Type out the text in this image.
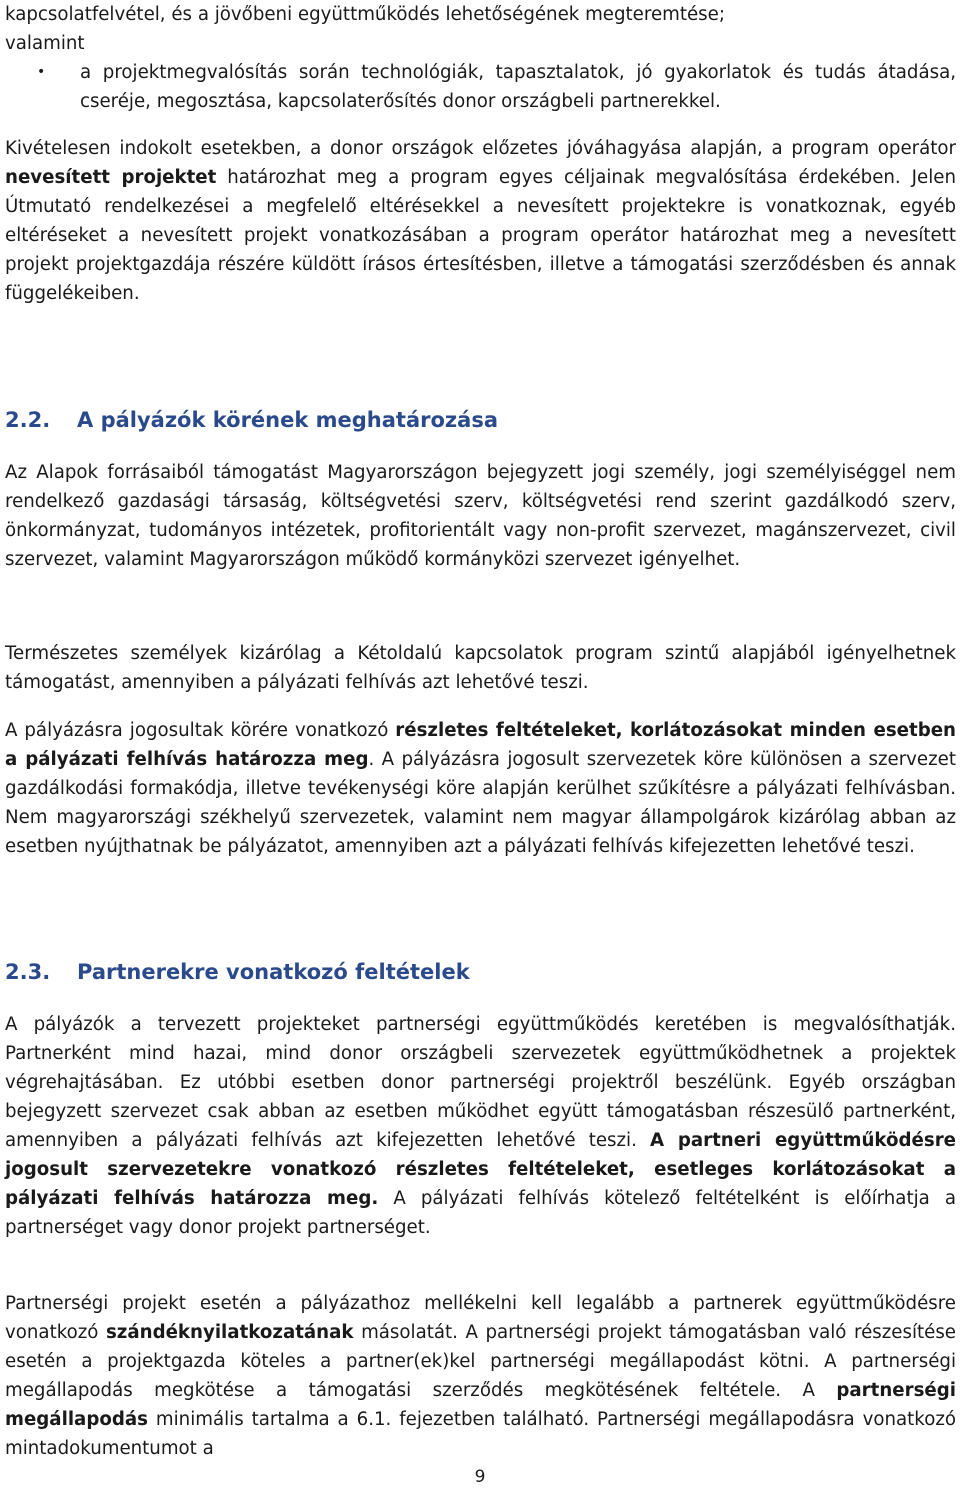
kapcsolatfelvétel, és a jövőbeni együttműködés lehetőségének megteremtése;
valamint

• a projektmegvalósítás során technológiák, tapasztalatok, jó gyakorlatok és tudás átadása, cseréje, megosztása, kapcsolaterősítés donor országbeli partnerekkel.

Kivételesen indokolt esetekben, a donor országok előzetes jóváhagyása alapján, a program operátor nevesített projektet határozhat meg a program egyes céljainak megvalósítása érdekében. Jelen Útmutató rendelkezései a megfelelő eltérésekkel a nevesített projektekre is vonatkoznak, egyéb eltéréseket a nevesített projekt vonatkozásában a program operátor határozhat meg a nevesített projekt projektgazdája részére küldött írásos értesítésben, illetve a támogatási szerződésben és annak függelékeiben.

2.2. A pályázók körének meghatározása

Az Alapok forrásaiból támogatást Magyarországon bejegyzett jogi személy, jogi személyiséggel nem rendelkező gazdasági társaság, költségvetési szerv, költségvetési rend szerint gazdálkodó szerv, önkormányzat, tudományos intézetek, profitorientált vagy non-profit szervezet, magánszervezet, civil szervezet, valamint Magyarországon működő kormányközi szervezet igényelhet.

Természetes személyek kizárólag a Kétoldalú kapcsolatok program szintű alapjából igényelhetnek támogatást, amennyiben a pályázati felhívás azt lehetővé teszi.

A pályázásra jogosultak körére vonatkozó részletes feltételeket, korlátozásokat minden esetben a pályázati felhívás határozza meg. A pályázásra jogosult szervezetek köre különösen a szervezet gazdálkodási formakódja, illetve tevékenységi köre alapján kerülhet szűkítésre a pályázati felhívásban. Nem magyarországi székhelyű szervezetek, valamint nem magyar állampolgárok kizárólag abban az esetben nyújthatnak be pályázatot, amennyiben azt a pályázati felhívás kifejezetten lehetővé teszi.

2.3. Partnerekre vonatkozó feltételek

A pályázók a tervezett projekteket partnerségi együttműködés keretében is megvalósíthatják. Partnerként mind hazai, mind donor országbeli szervezetek együttműködhetnek a projektek végrehajtásában. Ez utóbbi esetben donor partnerségi projektről beszélünk. Egyéb országban bejegyzett szervezet csak abban az esetben működhet együtt támogatásban részesülő partnerként, amennyiben a pályázati felhívás azt kifejezetten lehetővé teszi. A partneri együttműködésre jogosult szervezetekre vonatkozó részletes feltételeket, esetleges korlátozásokat a pályázati felhívás határozza meg. A pályázati felhívás kötelező feltételként is előírhatja a partnerséget vagy donor projekt partnerséget.

Partnerségi projekt esetén a pályázathoz mellékelni kell legalább a partnerek együttműködésre vonatkozó szándéknyilatkozatának másolatát. A partnerségi projekt támogatásban való részesítése esetén a projektgazda köteles a partner(ek)kel partnerségi megállapodást kötni. A partnerségi megállapodás megkötése a támogatási szerződés megkötésének feltétele. A partnerségi megállapodás minimális tartalma a 6.1. fejezetben található. Partnerségi megállapodásra vonatkozó mintadokumentumot a

9
